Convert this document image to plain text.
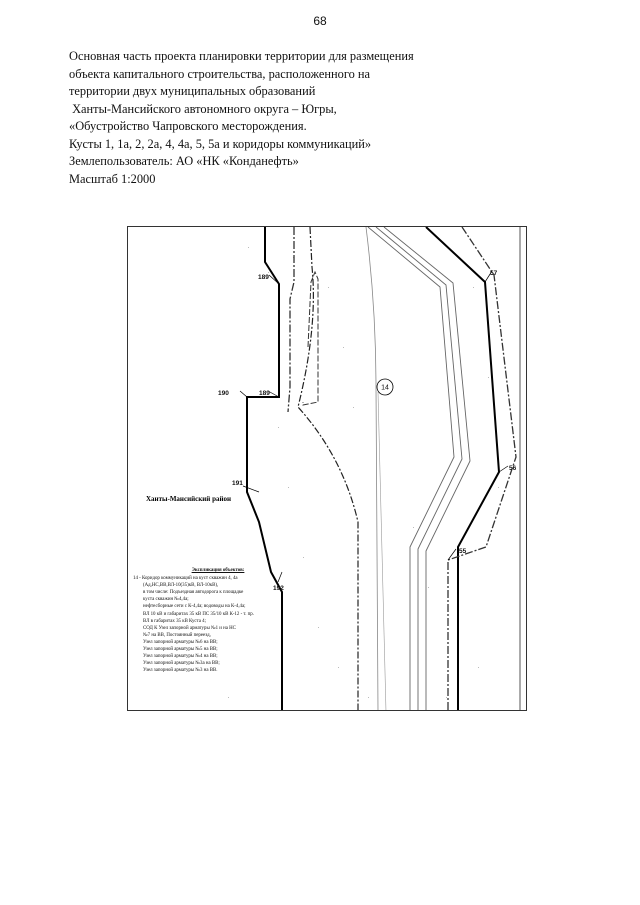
68
Основная часть проекта планировки территории для размещения
объекта капитального строительства, расположенного на
территории двух муниципальных образований
Ханты-Мансийского автономного округа – Югры,
«Обустройство Чапровского месторождения.
Кусты 1, 1а, 2, 2а, 4, 4а, 5, 5а и коридоры коммуникаций»
Землепользователь: АО «НК «Конданефть»
Масштаб 1:2000
189
190	189
191
192
57
56
55
14
Ханты-Мансийский район
Экспликация объектов:
14 - Коридор коммуникаций на куст скважин 4, 4а
(Ад,НС,ВВ,ВЛ-10(35)кВ, ВЛ-10кВ),
в том числе: Подъездная автодорога к площадке
куста скважин №4,4а;
нефтесборные сети с К-4,4а; водоводы на К-4,4а;
ВЛ 10 кВ и габаритах 35 кВ ПС 35/10 кВ К-12 - т. пр.
ВЛ в габаритах 35 кВ Куста 4;
СОД К Узел запорной арматуры №1 и на НС
№7 на ВВ, Постоянный переезд,
Узел запорной арматуры №6 на ВВ;
Узел запорной арматуры №5 на ВВ;
Узел запорной арматуры №4 на ВВ;
Узел запорной арматуры №3а на ВВ;
Узел запорной арматуры №3 на ВВ.
